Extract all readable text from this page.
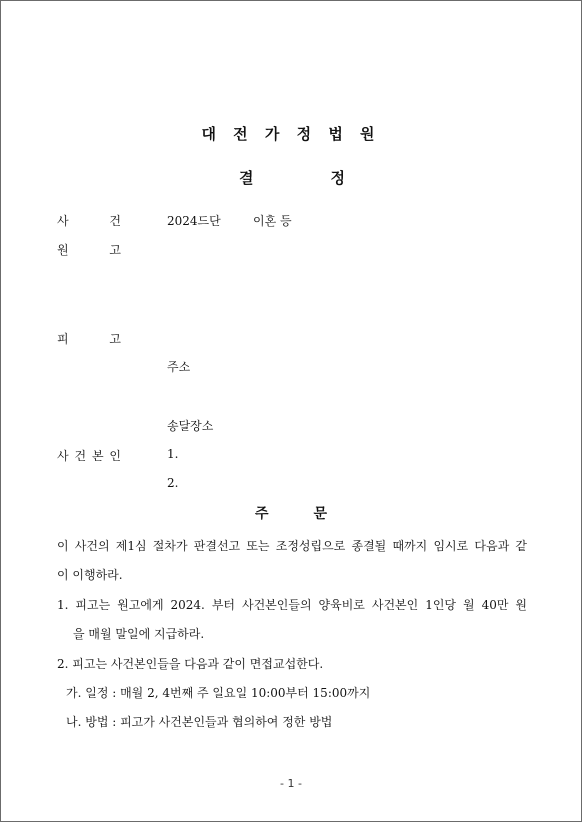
대 전 가 정 법 원
결	정
사	건	2024드단	이혼 등
원	고
피	고
주소
송달장소
사 건 본 인	1.
2.
주	문
이 사건의 제1심 절차가 판결선고 또는 조정성립으로 종결될 때까지 임시로 다음과 같
이 이행하라.
1. 피고는 원고에게 2024. 부터 사건본인들의 양육비로 사건본인 1인당 월 40만 원
을 매월 말일에 지급하라.
2. 피고는 사건본인들을 다음과 같이 면접교섭한다.
가. 일정 : 매월 2, 4번째 주 일요일 10:00부터 15:00까지
나. 방법 : 피고가 사건본인들과 협의하여 정한 방법
- 1 -
